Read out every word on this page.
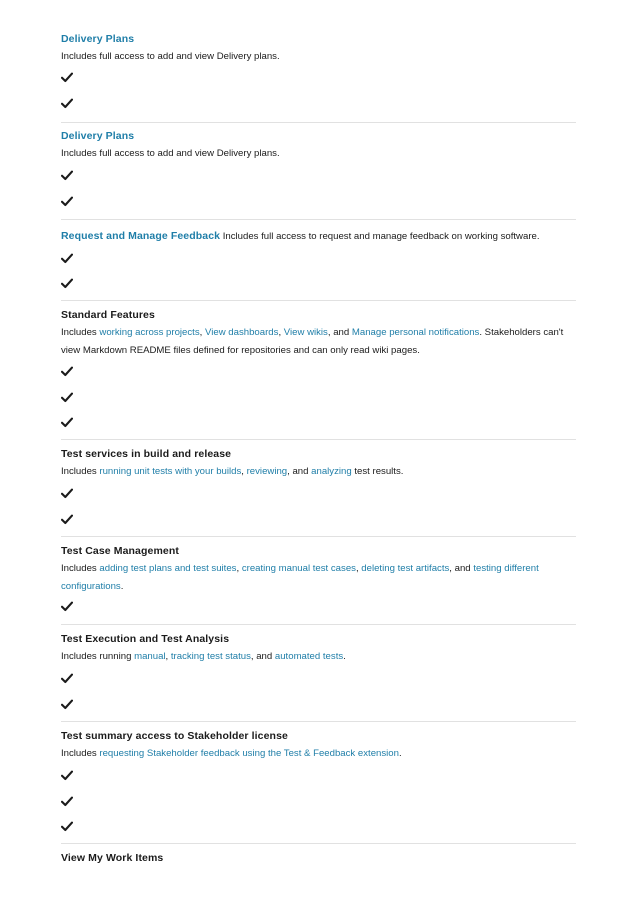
Delivery Plans
Includes full access to add and view Delivery plans.
Delivery Plans
Includes full access to add and view Delivery plans.
Request and Manage Feedback Includes full access to request and manage feedback on working software.
Standard Features
Includes working across projects, View dashboards, View wikis, and Manage personal notifications. Stakeholders can't view Markdown README files defined for repositories and can only read wiki pages.
Test services in build and release
Includes running unit tests with your builds, reviewing, and analyzing test results.
Test Case Management
Includes adding test plans and test suites, creating manual test cases, deleting test artifacts, and testing different configurations.
Test Execution and Test Analysis
Includes running manual, tracking test status, and automated tests.
Test summary access to Stakeholder license
Includes requesting Stakeholder feedback using the Test & Feedback extension.
View My Work Items
